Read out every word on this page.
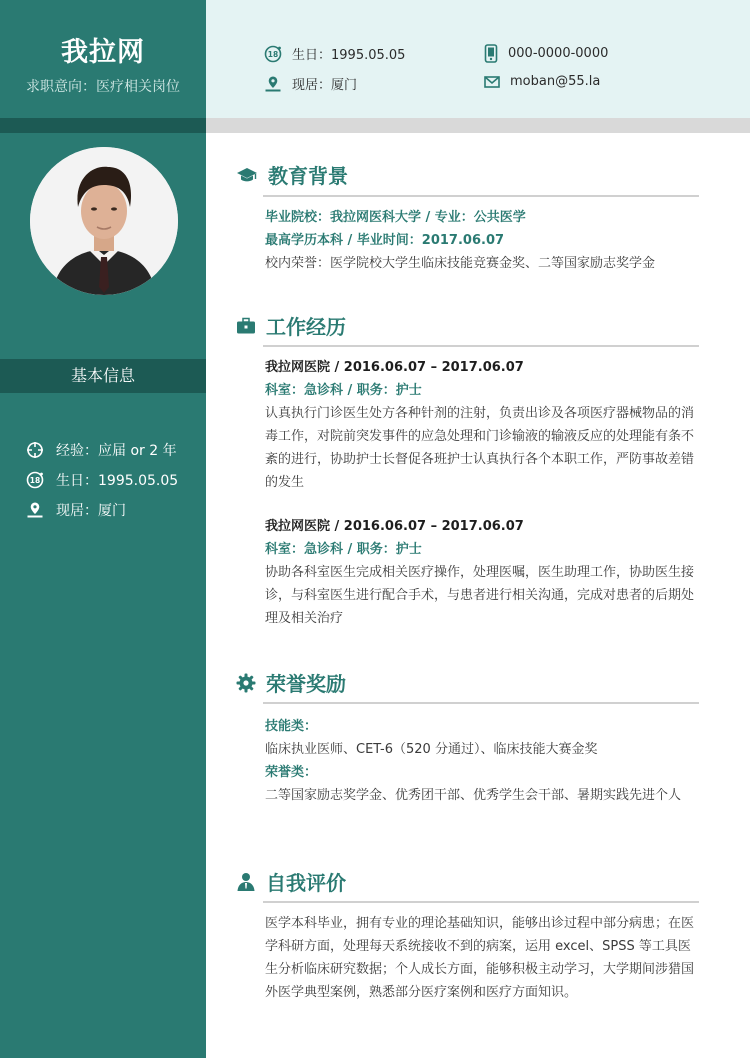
我拉网
求职意向：医疗相关岗位
18 生日：1995.05.05	000-0000-0000
现居：厦门	moban@55.la
基本信息
经验：应届 or 2 年
18 生日：1995.05.05
现居：厦门
教育背景
毕业院校：我拉网医科大学 / 专业：公共医学
最高学历本科 / 毕业时间：2017.06.07
校内荣誉：医学院校大学生临床技能竞赛金奖、二等国家励志奖学金
工作经历
我拉网医院 / 2016.06.07 – 2017.06.07
科室：急诊科 / 职务：护士
认真执行门诊医生处方各种针剂的注射，负责出诊及各项医疗器械物品的消毒工作，对院前突发事件的应急处理和门诊输液的输液反应的处理能有条不紊的进行，协助护士长督促各班护士认真执行各个本职工作，严防事故差错的发生
我拉网医院 / 2016.06.07 – 2017.06.07
科室：急诊科 / 职务：护士
协助各科室医生完成相关医疗操作，处理医嘱，医生助理工作，协助医生接诊，与科室医生进行配合手术，与患者进行相关沟通，完成对患者的后期处理及相关治疗
荣誉奖励
技能类：
临床执业医师、CET-6（520 分通过）、临床技能大赛金奖
荣誉类：
二等国家励志奖学金、优秀团干部、优秀学生会干部、暑期实践先进个人
自我评价
医学本科毕业，拥有专业的理论基础知识，能够出诊过程中部分病患；在医学科研方面，处理每天系统接收不到的病案，运用 excel、SPSS 等工具医生分析临床研究数据；个人成长方面，能够积极主动学习，大学期间涉猎国外医学典型案例，熟悉部分医疗案例和医疗方面知识。
